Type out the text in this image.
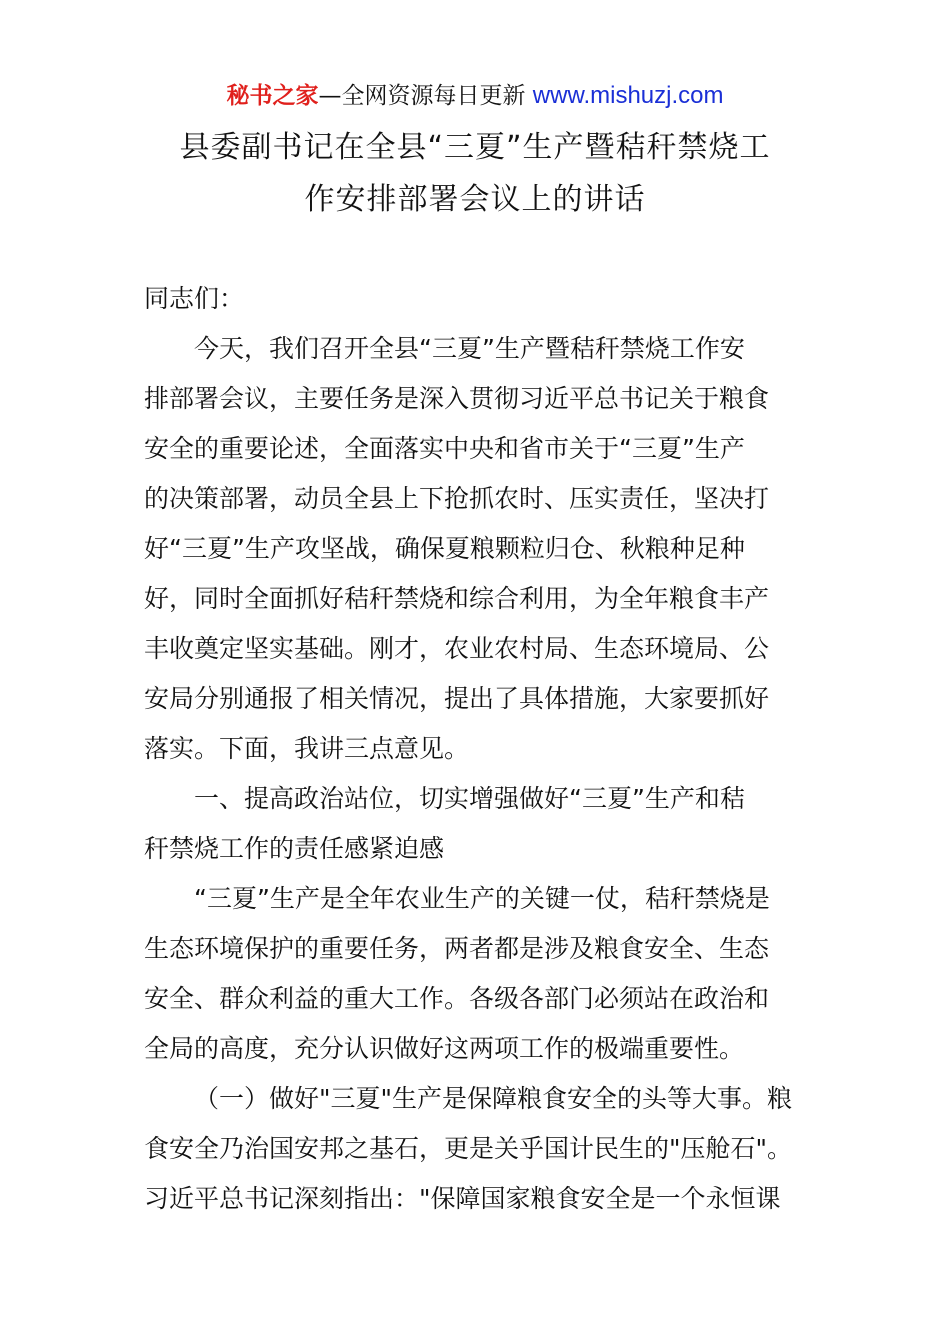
秘书之家—全网资源每日更新 www.mishuzj.com
县委副书记在全县“三夏”生产暨秸秆禁烧工
作安排部署会议上的讲话
同志们：
今天，我们召开全县“三夏”生产暨秸秆禁烧工作安
排部署会议，主要任务是深入贯彻习近平总书记关于粮食
安全的重要论述，全面落实中央和省市关于“三夏”生产
的决策部署，动员全县上下抢抓农时、压实责任，坚决打
好“三夏”生产攻坚战，确保夏粮颗粒归仓、秋粮种足种
好，同时全面抓好秸秆禁烧和综合利用，为全年粮食丰产
丰收奠定坚实基础。刚才，农业农村局、生态环境局、公
安局分别通报了相关情况，提出了具体措施，大家要抓好
落实。下面，我讲三点意见。
一、提高政治站位，切实增强做好“三夏”生产和秸
秆禁烧工作的责任感紧迫感
“三夏”生产是全年农业生产的关键一仗，秸秆禁烧是
生态环境保护的重要任务，两者都是涉及粮食安全、生态
安全、群众利益的重大工作。各级各部门必须站在政治和
全局的高度，充分认识做好这两项工作的极端重要性。
（一）做好"三夏"生产是保障粮食安全的头等大事。粮
食安全乃治国安邦之基石，更是关乎国计民生的"压舱石"。
习近平总书记深刻指出："保障国家粮食安全是一个永恒课
